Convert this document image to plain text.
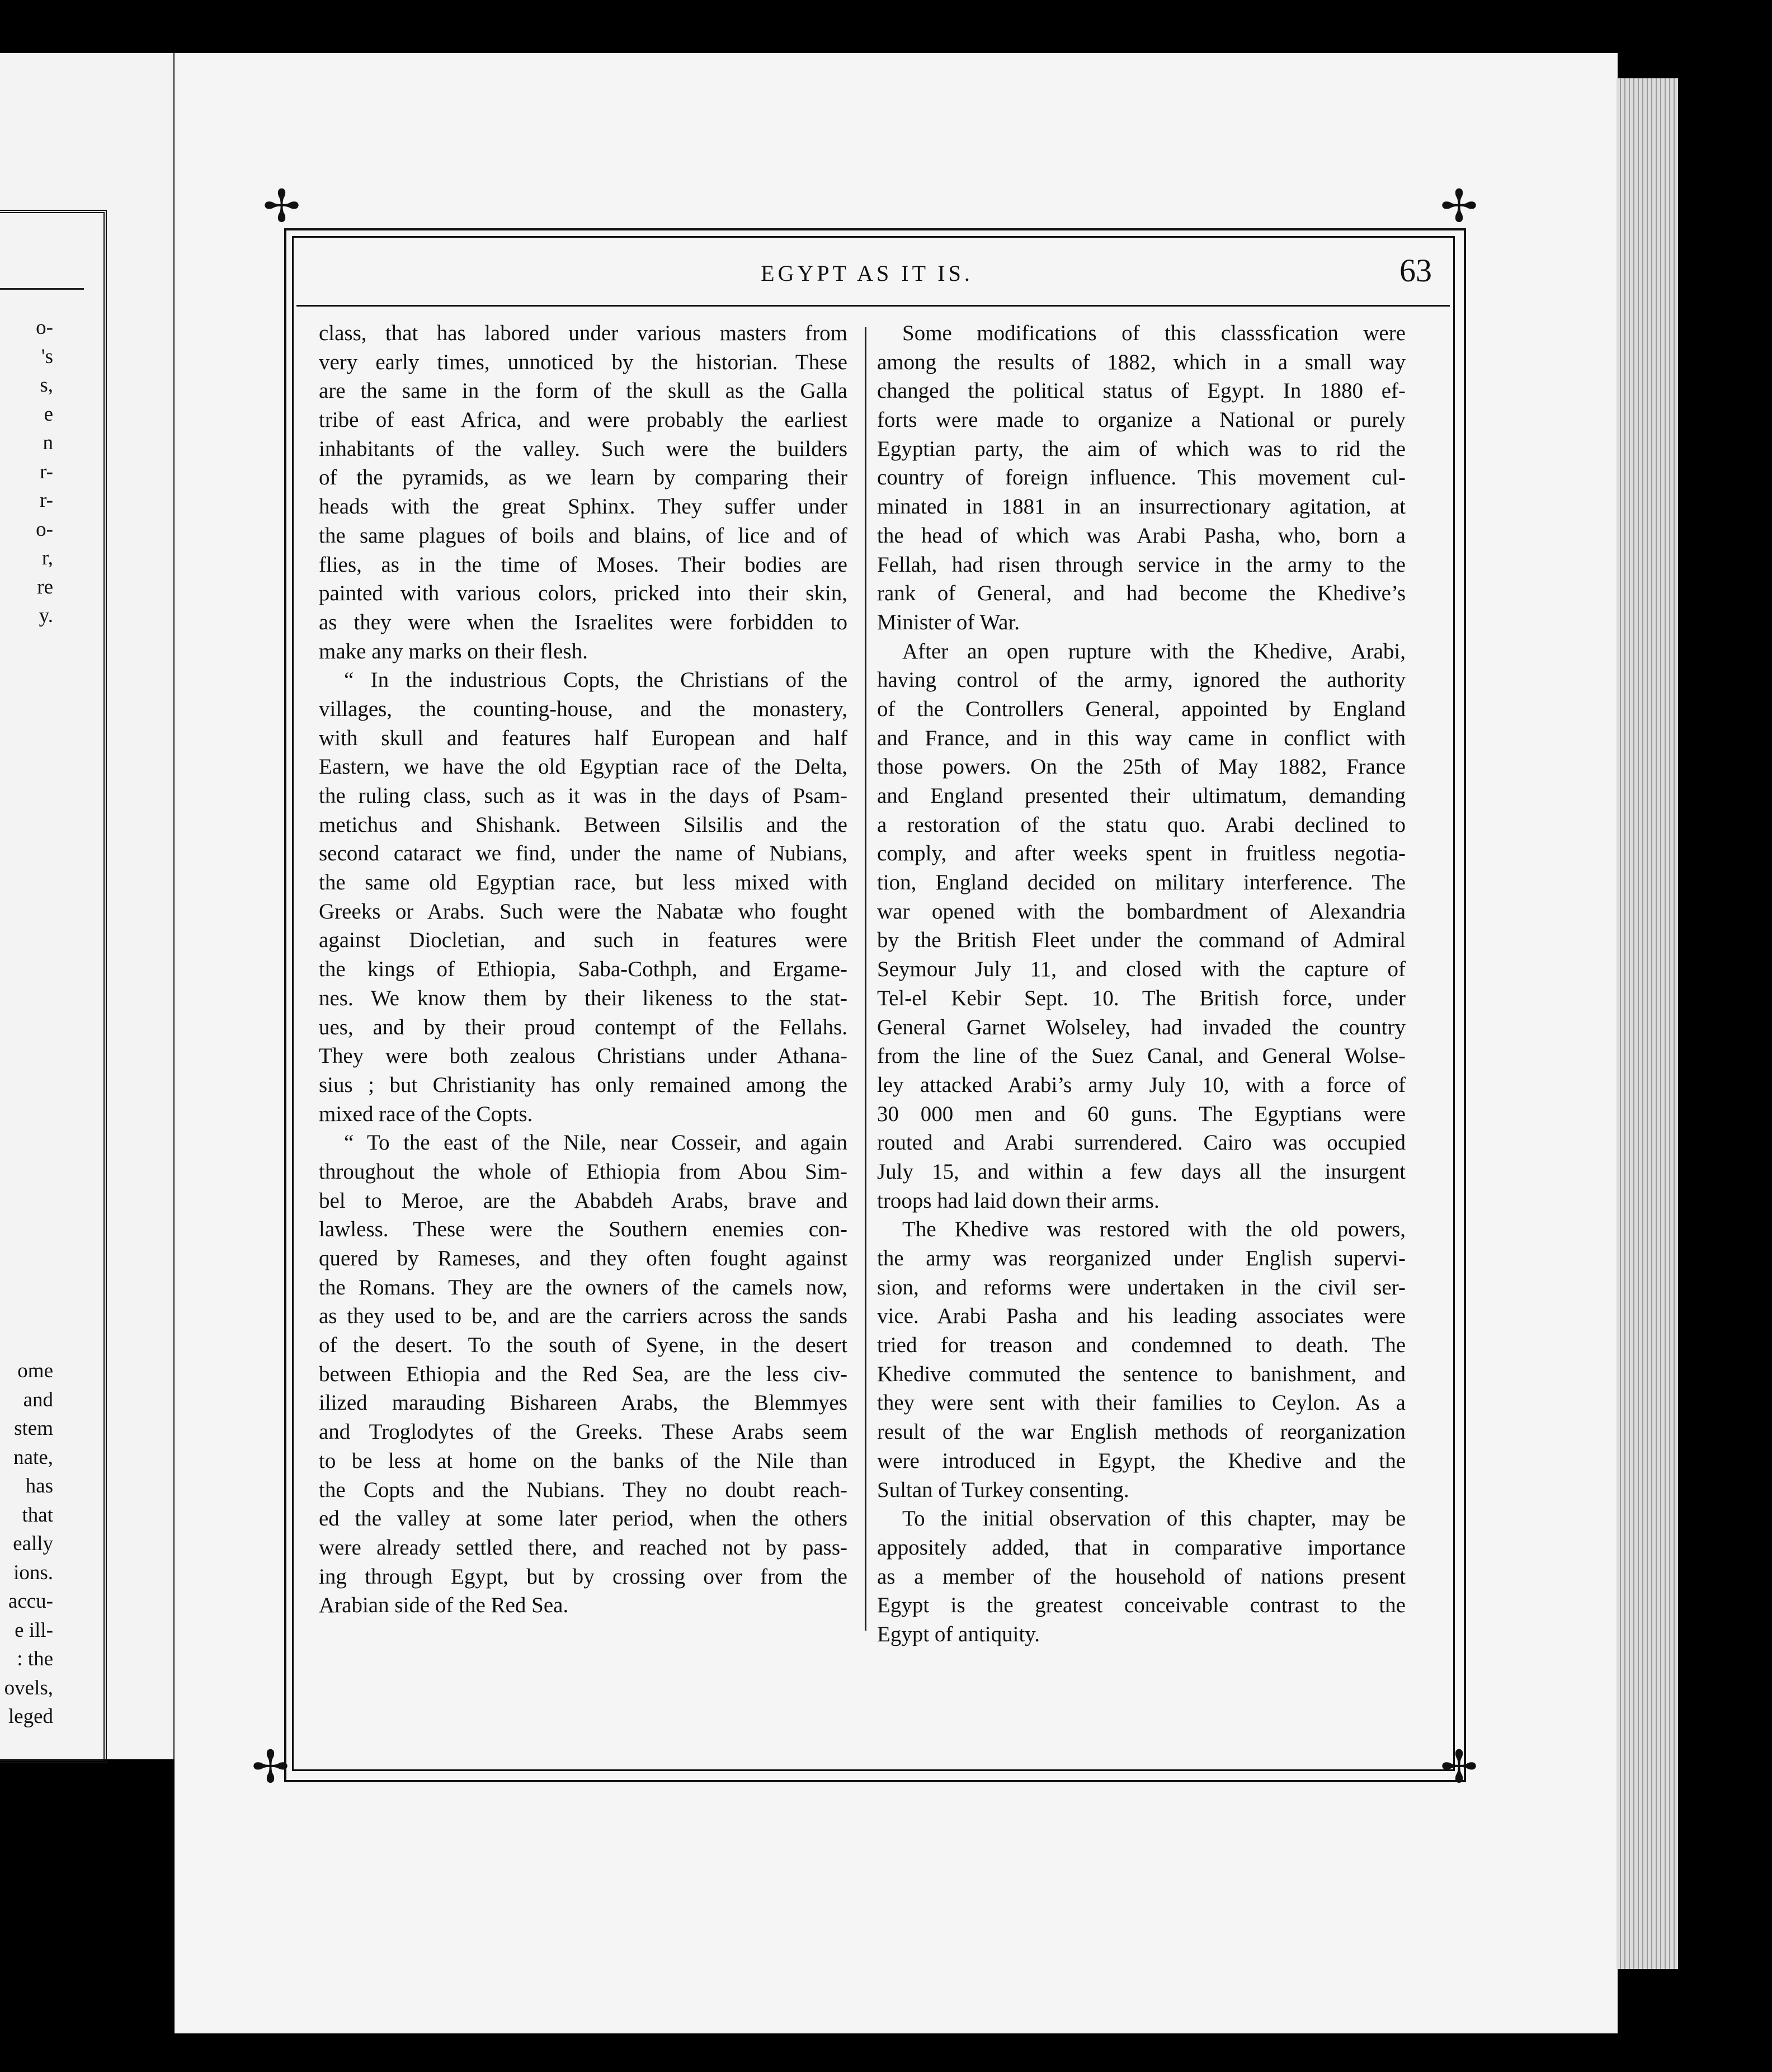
o-
's
s,
e
n
r-
r-
o-
r,
re
y.
ome
and
stem
nate,
has
that
eally
ions.
accu-
e ill-
: the
ovels,
leged
✢	✢
✢	✢
EGYPT AS IT IS.	63
class, that has labored under various masters from
very early times, unnoticed by the historian. These
are the same in the form of the skull as the Galla
tribe of east Africa, and were probably the earliest
inhabitants of the valley. Such were the builders
of the pyramids, as we learn by comparing their
heads with the great Sphinx. They suffer under
the same plagues of boils and blains, of lice and of
flies, as in the time of Moses. Their bodies are
painted with various colors, pricked into their skin,
as they were when the Israelites were forbidden to
make any marks on their flesh.
“ In the industrious Copts, the Christians of the
villages, the counting-house, and the monastery,
with skull and features half European and half
Eastern, we have the old Egyptian race of the Delta,
the ruling class, such as it was in the days of Psam-
metichus and Shishank. Between Silsilis and the
second cataract we find, under the name of Nubians,
the same old Egyptian race, but less mixed with
Greeks or Arabs. Such were the Nabatæ who fought
against Diocletian, and such in features were
the kings of Ethiopia, Saba-Cothph, and Ergame-
nes. We know them by their likeness to the stat-
ues, and by their proud contempt of the Fellahs.
They were both zealous Christians under Athana-
sius ; but Christianity has only remained among the
mixed race of the Copts.
“ To the east of the Nile, near Cosseir, and again
throughout the whole of Ethiopia from Abou Sim-
bel to Meroe, are the Ababdeh Arabs, brave and
lawless. These were the Southern enemies con-
quered by Rameses, and they often fought against
the Romans. They are the owners of the camels now,
as they used to be, and are the carriers across the sands
of the desert. To the south of Syene, in the desert
between Ethiopia and the Red Sea, are the less civ-
ilized marauding Bishareen Arabs, the Blemmyes
and Troglodytes of the Greeks. These Arabs seem
to be less at home on the banks of the Nile than
the Copts and the Nubians. They no doubt reach-
ed the valley at some later period, when the others
were already settled there, and reached not by pass-
ing through Egypt, but by crossing over from the
Arabian side of the Red Sea.
Some modifications of this classsfication were
among the results of 1882, which in a small way
changed the political status of Egypt. In 1880 ef-
forts were made to organize a National or purely
Egyptian party, the aim of which was to rid the
country of foreign influence. This movement cul-
minated in 1881 in an insurrectionary agitation, at
the head of which was Arabi Pasha, who, born a
Fellah, had risen through service in the army to the
rank of General, and had become the Khedive’s
Minister of War.
After an open rupture with the Khedive, Arabi,
having control of the army, ignored the authority
of the Controllers General, appointed by England
and France, and in this way came in conflict with
those powers. On the 25th of May 1882, France
and England presented their ultimatum, demanding
a restoration of the statu quo. Arabi declined to
comply, and after weeks spent in fruitless negotia-
tion, England decided on military interference. The
war opened with the bombardment of Alexandria
by the British Fleet under the command of Admiral
Seymour July 11, and closed with the capture of
Tel-el Kebir Sept. 10. The British force, under
General Garnet Wolseley, had invaded the country
from the line of the Suez Canal, and General Wolse-
ley attacked Arabi’s army July 10, with a force of
30 000 men and 60 guns. The Egyptians were
routed and Arabi surrendered. Cairo was occupied
July 15, and within a few days all the insurgent
troops had laid down their arms.
The Khedive was restored with the old powers,
the army was reorganized under English supervi-
sion, and reforms were undertaken in the civil ser-
vice. Arabi Pasha and his leading associates were
tried for treason and condemned to death. The
Khedive commuted the sentence to banishment, and
they were sent with their families to Ceylon. As a
result of the war English methods of reorganization
were introduced in Egypt, the Khedive and the
Sultan of Turkey consenting.
To the initial observation of this chapter, may be
appositely added, that in comparative importance
as a member of the household of nations present
Egypt is the greatest conceivable contrast to the
Egypt of antiquity.
